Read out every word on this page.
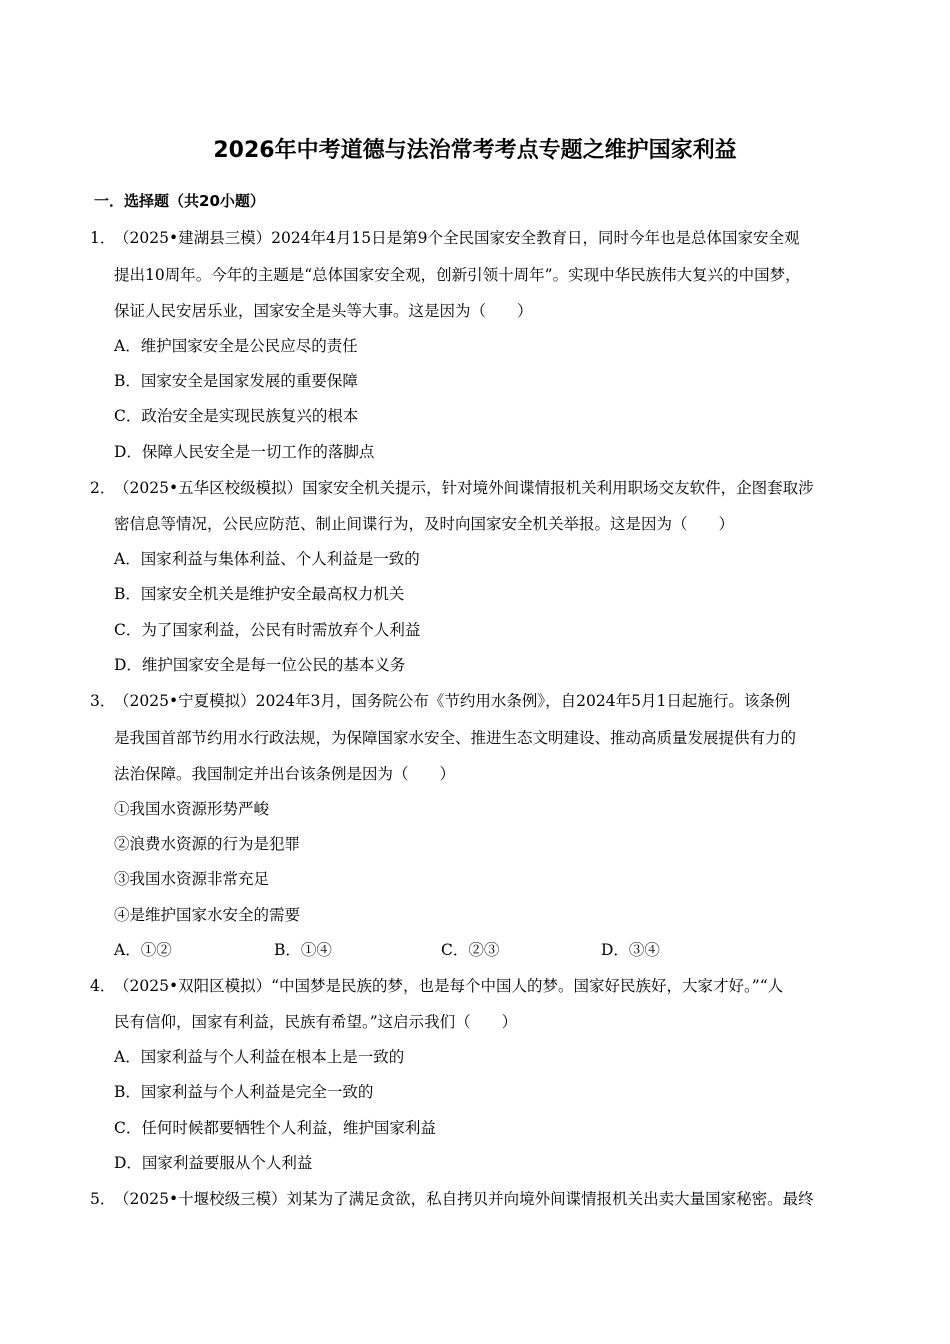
2026年中考道德与法治常考考点专题之维护国家利益
一．选择题（共20小题）
1．
（2025•建湖县三模）2024年4月15日是第9个全民国家安全教育日，同时今年也是总体国家安全观
提出10周年。今年的主题是“总体国家安全观，创新引领十周年”。实现中华民族伟大复兴的中国梦，
保证人民安居乐业，国家安全是头等大事。这是因为（　　）
A．维护国家安全是公民应尽的责任
B．国家安全是国家发展的重要保障
C．政治安全是实现民族复兴的根本
D．保障人民安全是一切工作的落脚点
2．
（2025•五华区校级模拟）国家安全机关提示，针对境外间谍情报机关利用职场交友软件，企图套取涉
密信息等情况，公民应防范、制止间谍行为，及时向国家安全机关举报。这是因为（　　）
A．国家利益与集体利益、个人利益是一致的
B．国家安全机关是维护安全最高权力机关
C．为了国家利益，公民有时需放弃个人利益
D．维护国家安全是每一位公民的基本义务
3．
（2025•宁夏模拟）2024年3月，国务院公布《节约用水条例》，自2024年5月1日起施行。该条例
是我国首部节约用水行政法规，为保障国家水安全、推进生态文明建设、推动高质量发展提供有力的
法治保障。我国制定并出台该条例是因为（　　）
①我国水资源形势严峻
②浪费水资源的行为是犯罪
③我国水资源非常充足
④是维护国家水安全的需要
A．①②	B．①④	C．②③	D．③④
4．
（2025•双阳区模拟）“中国梦是民族的梦，也是每个中国人的梦。国家好民族好，大家才好。”“人
民有信仰，国家有利益，民族有希望。”这启示我们（　　）
A．国家利益与个人利益在根本上是一致的
B．国家利益与个人利益是完全一致的
C．任何时候都要牺牲个人利益，维护国家利益
D．国家利益要服从个人利益
5．
（2025•十堰校级三模）刘某为了满足贪欲，私自拷贝并向境外间谍情报机关出卖大量国家秘密。最终
